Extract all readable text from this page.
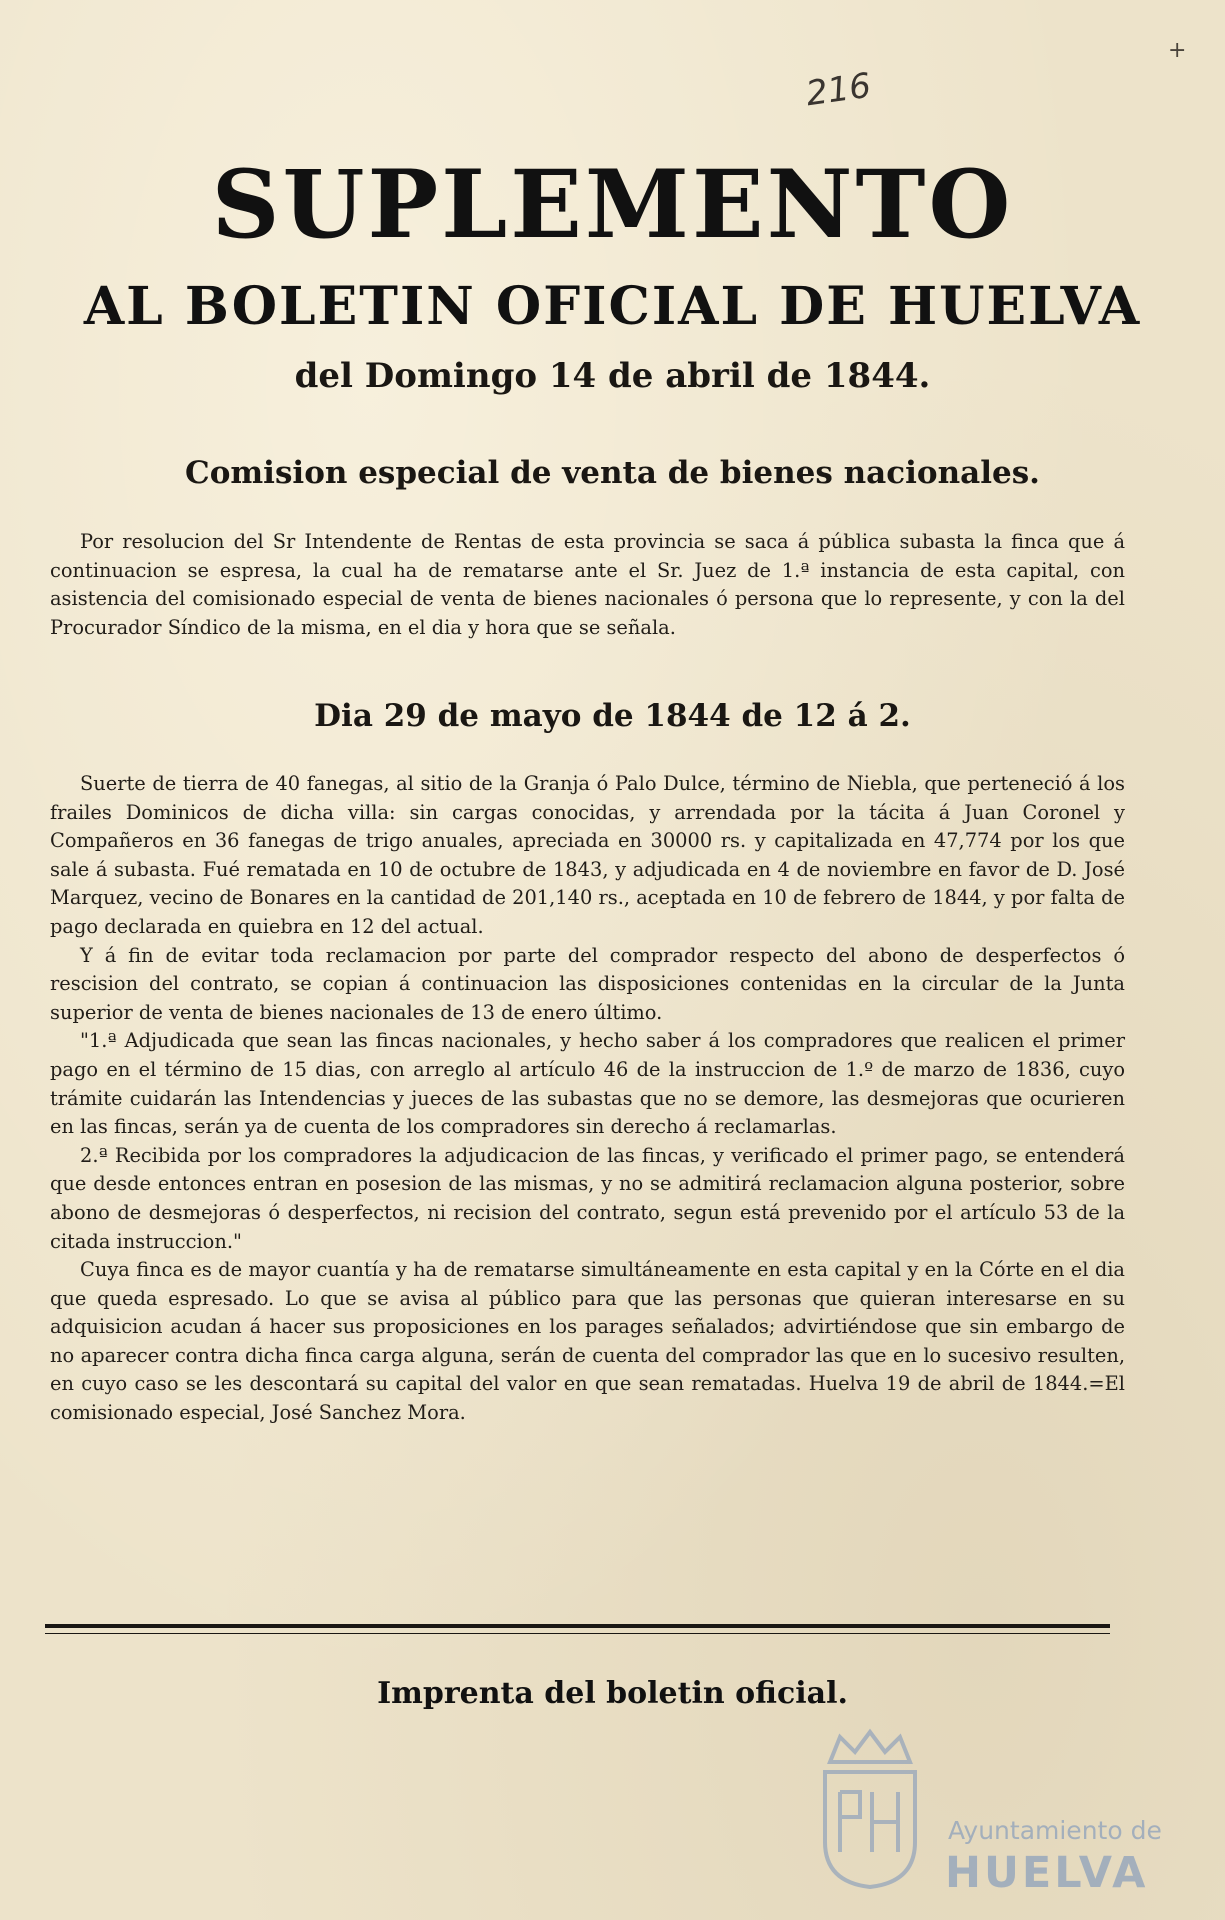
+
216
SUPLEMENTO
AL BOLETIN OFICIAL DE HUELVA
del Domingo 14 de abril de 1844.
Comision especial de venta de bienes nacionales.

Por resolucion del Sr Intendente de Rentas de esta provincia se saca á pública subasta la finca que á continuacion se espresa, la cual ha de rematarse ante el Sr. Juez de 1.ª instancia de esta capital, con asistencia del comisionado especial de venta de bienes nacionales ó persona que lo represente, y con la del Procurador Síndico de la misma, en el dia y hora que se señala.

Dia 29 de mayo de 1844 de 12 á 2.

Suerte de tierra de 40 fanegas, al sitio de la Granja ó Palo Dulce, término de Niebla, que perteneció á los frailes Dominicos de dicha villa: sin cargas conocidas, y arrendada por la tácita á Juan Coronel y Compañeros en 36 fanegas de trigo anuales, apreciada en 30000 rs. y capitalizada en 47,774 por los que sale á subasta. Fué rematada en 10 de octubre de 1843, y adjudicada en 4 de noviembre en favor de D. José Marquez, vecino de Bonares en la cantidad de 201,140 rs., aceptada en 10 de febrero de 1844, y por falta de pago declarada en quiebra en 12 del actual.

Y á fin de evitar toda reclamacion por parte del comprador respecto del abono de desperfectos ó rescision del contrato, se copian á continuacion las disposiciones contenidas en la circular de la Junta superior de venta de bienes nacionales de 13 de enero último.

"1.ª Adjudicada que sean las fincas nacionales, y hecho saber á los compradores que realicen el primer pago en el término de 15 dias, con arreglo al artículo 46 de la instruccion de 1.º de marzo de 1836, cuyo trámite cuidarán las Intendencias y jueces de las subastas que no se demore, las desmejoras que ocurieren en las fincas, serán ya de cuenta de los compradores sin derecho á reclamarlas.

2.ª Recibida por los compradores la adjudicacion de las fincas, y verificado el primer pago, se entenderá que desde entonces entran en posesion de las mismas, y no se admitirá reclamacion alguna posterior, sobre abono de desmejoras ó desperfectos, ni recision del contrato, segun está prevenido por el artículo 53 de la citada instruccion."

Cuya finca es de mayor cuantía y ha de rematarse simultáneamente en esta capital y en la Córte en el dia que queda espresado. Lo que se avisa al público para que las personas que quieran interesarse en su adquisicion acudan á hacer sus proposiciones en los parages señalados; advirtiéndose que sin embargo de no aparecer contra dicha finca carga alguna, serán de cuenta del comprador las que en lo sucesivo resulten, en cuyo caso se les descontará su capital del valor en que sean rematadas. Huelva 19 de abril de 1844.=El comisionado especial, José Sanchez Mora.

Imprenta del boletin oficial.
Ayuntamiento de
HUELVA
